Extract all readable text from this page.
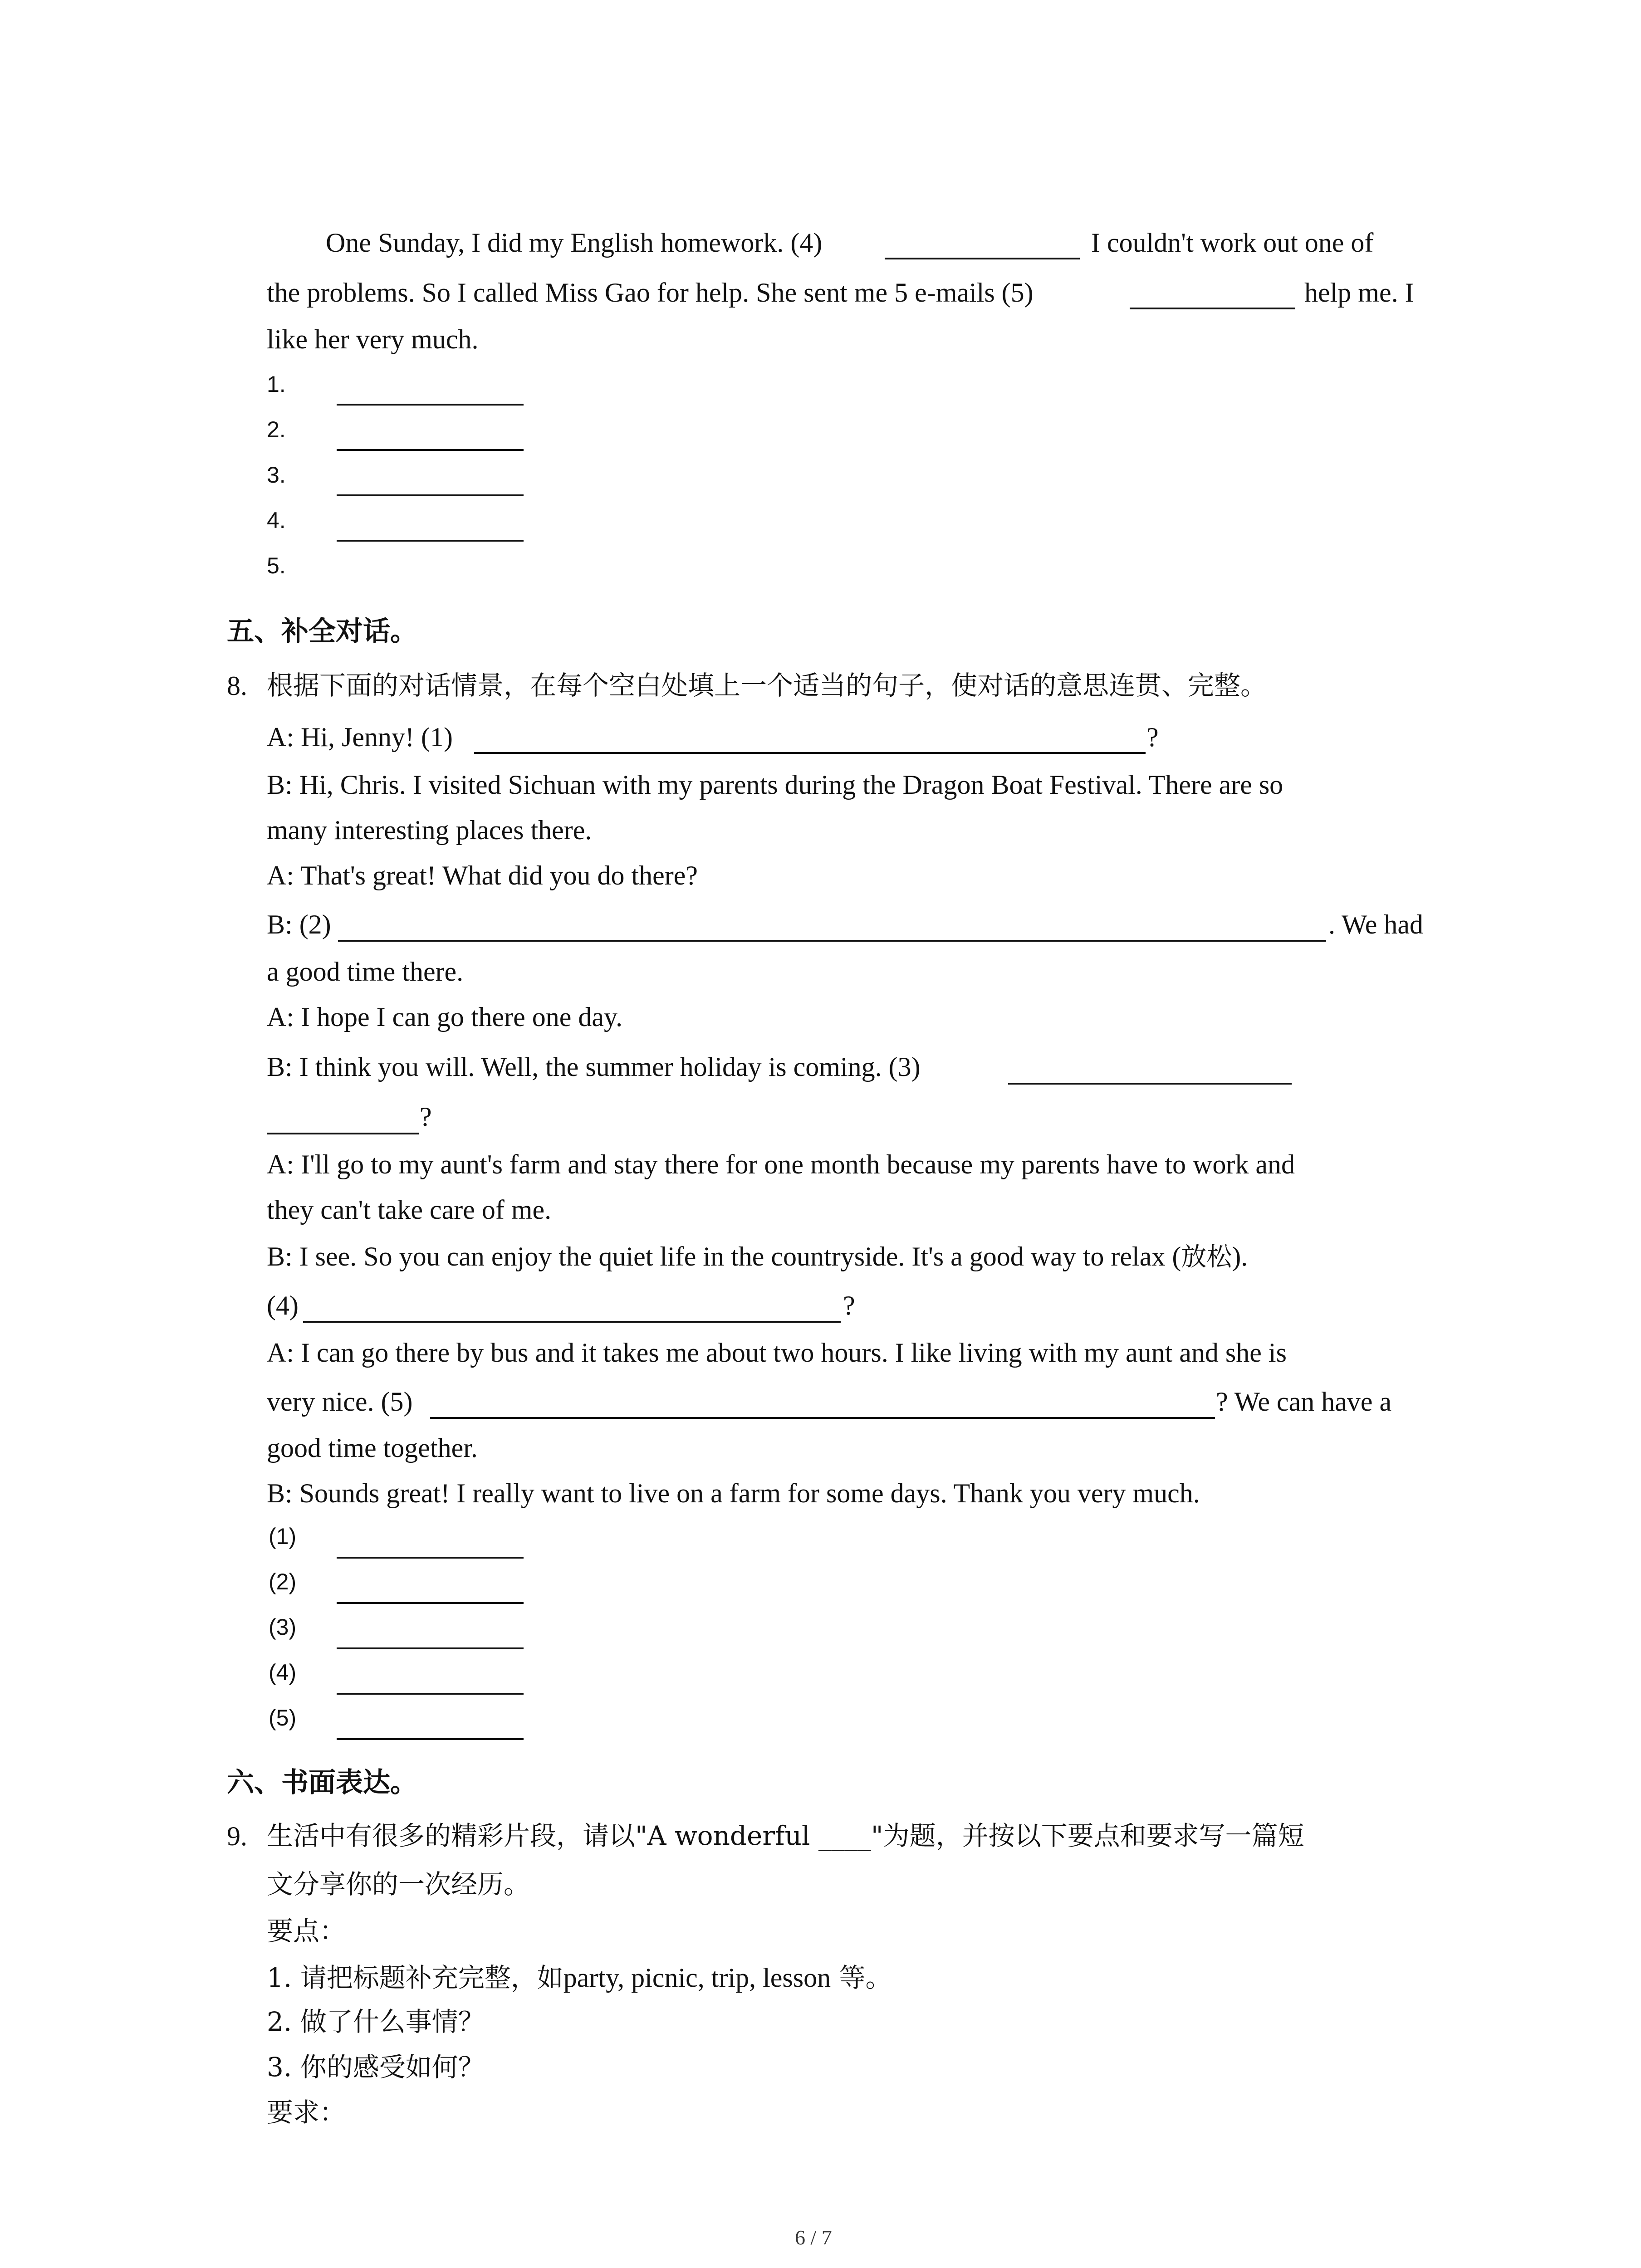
One Sunday, I did my English homework. (4)	I couldn't work out one of
the problems. So I called Miss Gao for help. She sent me 5 e-mails (5)	help me. I
like her very much.
1.
2.
3.
4.
5.
五、补全对话。
8. 根据下面的对话情景，在每个空白处填上一个适当的句子，使对话的意思连贯、完整。
A: Hi, Jenny! (1)	?
B: Hi, Chris. I visited Sichuan with my parents during the Dragon Boat Festival. There are so
many interesting places there.
A: That's great! What did you do there?
B: (2)	. We had
a good time there.
A: I hope I can go there one day.
B: I think you will. Well, the summer holiday is coming. (3)
?
A: I'll go to my aunt's farm and stay there for one month because my parents have to work and
they can't take care of me.
B: I see. So you can enjoy the quiet life in the countryside. It's a good way to relax (放松).
(4)	?
A: I can go there by bus and it takes me about two hours. I like living with my aunt and she is
very nice. (5)	? We can have a
good time together.
B: Sounds great! I really want to live on a farm for some days. Thank you very much.
(1)
(2)
(3)
(4)
(5)
六、书面表达。
9. 生活中有很多的精彩片段，请以"A wonderful ____"为题，并按以下要点和要求写一篇短
文分享你的一次经历。
要点：
1. 请把标题补充完整，如party, picnic, trip, lesson 等。
2. 做了什么事情？
3. 你的感受如何？
要求：
6 / 7
